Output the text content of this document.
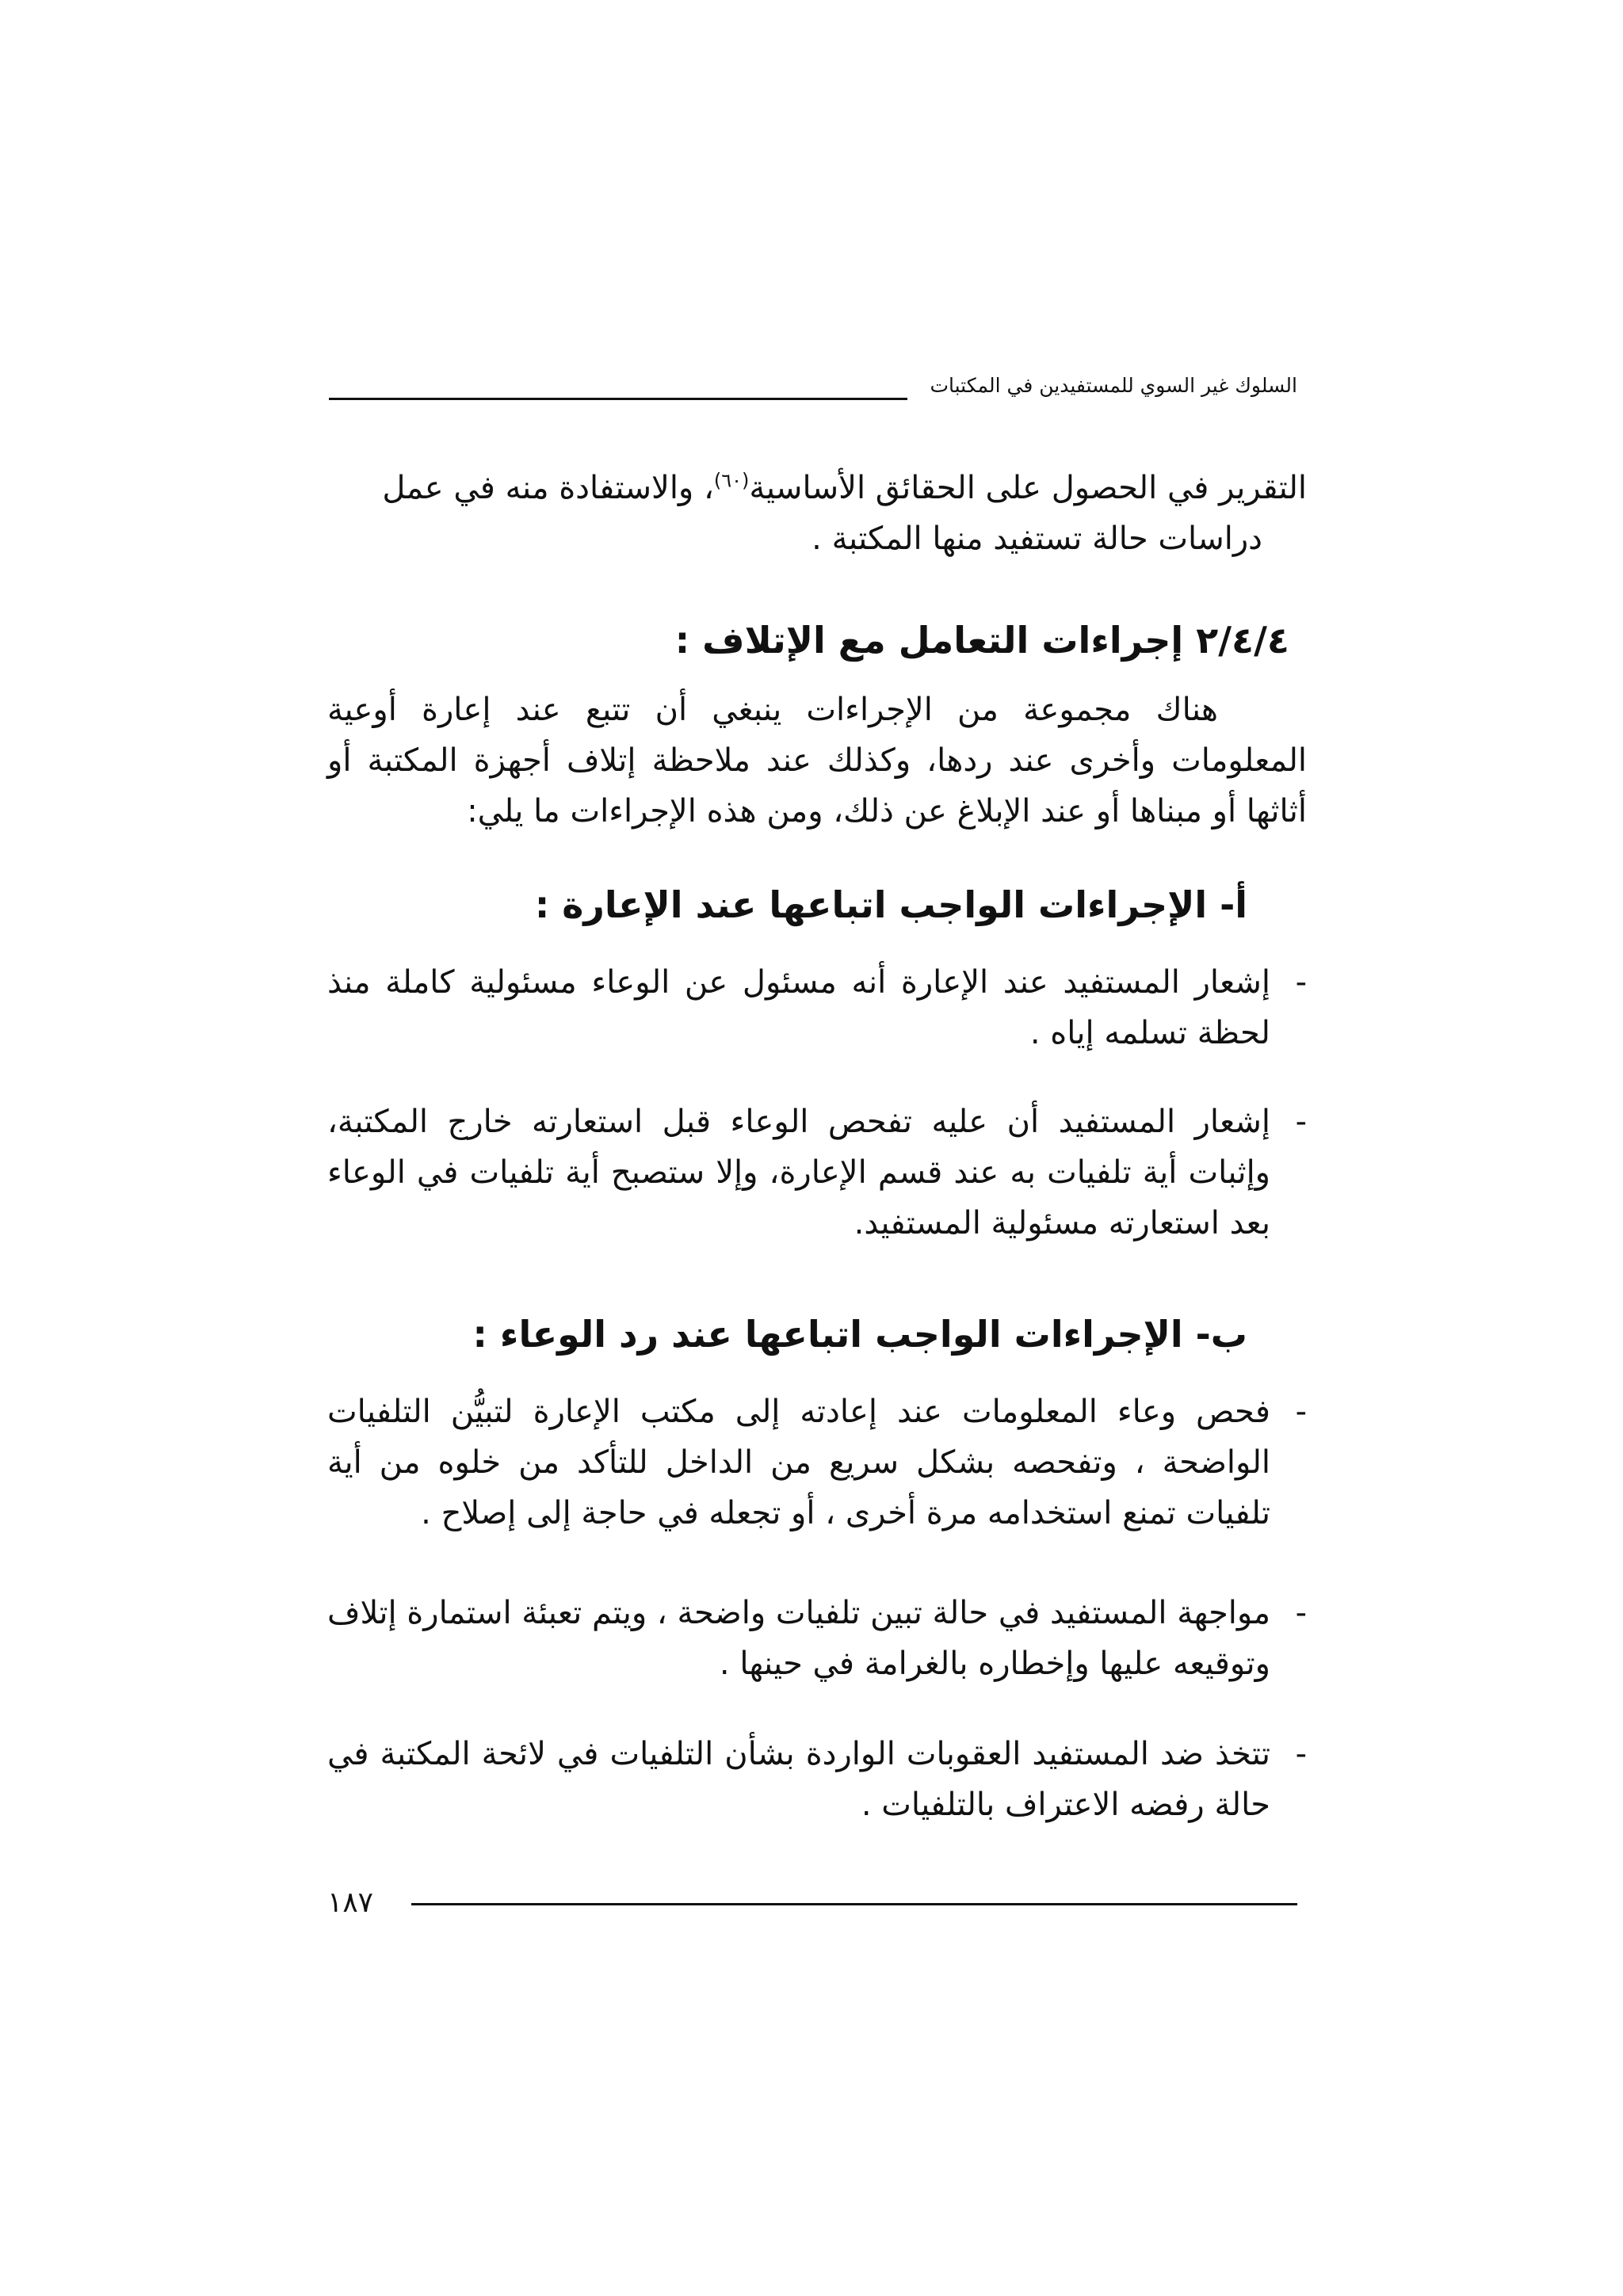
السلوك غير السوي للمستفيدين في المكتبات

التقرير في الحصول على الحقائق الأساسية$^{(٦٠)}$، والاستفادة منه في عمل

دراسات حالة تستفيد منها المكتبة .

٢/٤/٤ إجراءات التعامل مع الإتلاف :

هناك مجموعة من الإجراءات ينبغي أن تتبع عند إعارة أوعية المعلومات وأخرى عند ردها، وكذلك عند ملاحظة إتلاف أجهزة المكتبة أو أثاثها أو مبناها أو عند الإبلاغ عن ذلك، ومن هذه الإجراءات ما يلي:

أ- الإجراءات الواجب اتباعها عند الإعارة :

-
إشعار المستفيد عند الإعارة أنه مسئول عن الوعاء مسئولية كاملة منذ لحظة تسلمه إياه .

-
إشعار المستفيد أن عليه تفحص الوعاء قبل استعارته خارج المكتبة، وإثبات أية تلفيات به عند قسم الإعارة، وإلا ستصبح أية تلفيات في الوعاء بعد استعارته مسئولية المستفيد.

ب- الإجراءات الواجب اتباعها عند رد الوعاء :

-
فحص وعاء المعلومات عند إعادته إلى مكتب الإعارة لتبيُّن التلفيات الواضحة ، وتفحصه بشكل سريع من الداخل للتأكد من خلوه من أية تلفيات تمنع استخدامه مرة أخرى ، أو تجعله في حاجة إلى إصلاح .

-
مواجهة المستفيد في حالة تبين تلفيات واضحة ، ويتم تعبئة استمارة إتلاف وتوقيعه عليها وإخطاره بالغرامة في حينها .

-
تتخذ ضد المستفيد العقوبات الواردة بشأن التلفيات في لائحة المكتبة في حالة رفضه الاعتراف بالتلفيات .

١٨٧
